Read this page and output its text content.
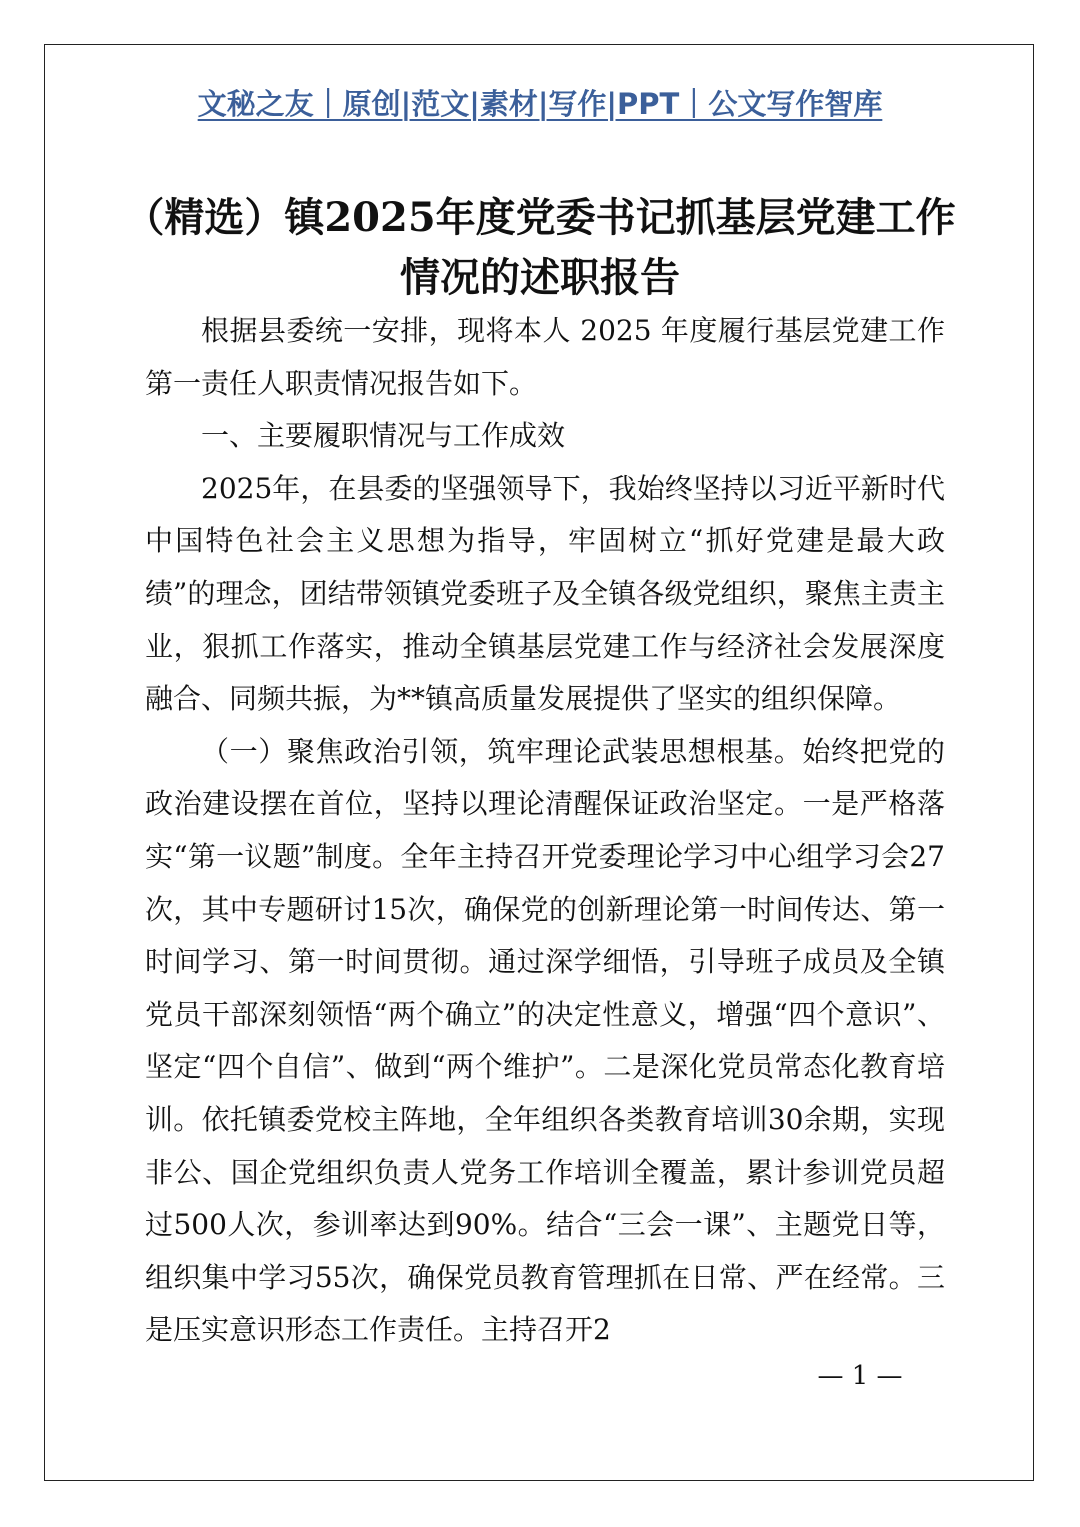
文秘之友｜原创|范文|素材|写作|PPT｜公文写作智库
（精选）镇2025年度党委书记抓基层党建工作情况的述职报告

根据县委统一安排，现将本人 2025 年度履行基层党建工作第一责任人职责情况报告如下。

一、主要履职情况与工作成效

2025年，在县委的坚强领导下，我始终坚持以习近平新时代中国特色社会主义思想为指导，牢固树立“抓好党建是最大政绩”的理念，团结带领镇党委班子及全镇各级党组织，聚焦主责主业，狠抓工作落实，推动全镇基层党建工作与经济社会发展深度融合、同频共振，为**镇高质量发展提供了坚实的组织保障。

（一）聚焦政治引领，筑牢理论武装思想根基。始终把党的政治建设摆在首位，坚持以理论清醒保证政治坚定。一是严格落实“第一议题”制度。全年主持召开党委理论学习中心组学习会27次，其中专题研讨15次，确保党的创新理论第一时间传达、第一时间学习、第一时间贯彻。通过深学细悟，引导班子成员及全镇党员干部深刻领悟“两个确立”的决定性意义，增强“四个意识”、坚定“四个自信”、做到“两个维护”。二是深化党员常态化教育培训。依托镇委党校主阵地，全年组织各类教育培训30余期，实现非公、国企党组织负责人党务工作培训全覆盖，累计参训党员超过500人次，参训率达到90%。结合“三会一课”、主题党日等，组织集中学习55次，确保党员教育管理抓在日常、严在经常。三是压实意识形态工作责任。主持召开2

— 1 —
